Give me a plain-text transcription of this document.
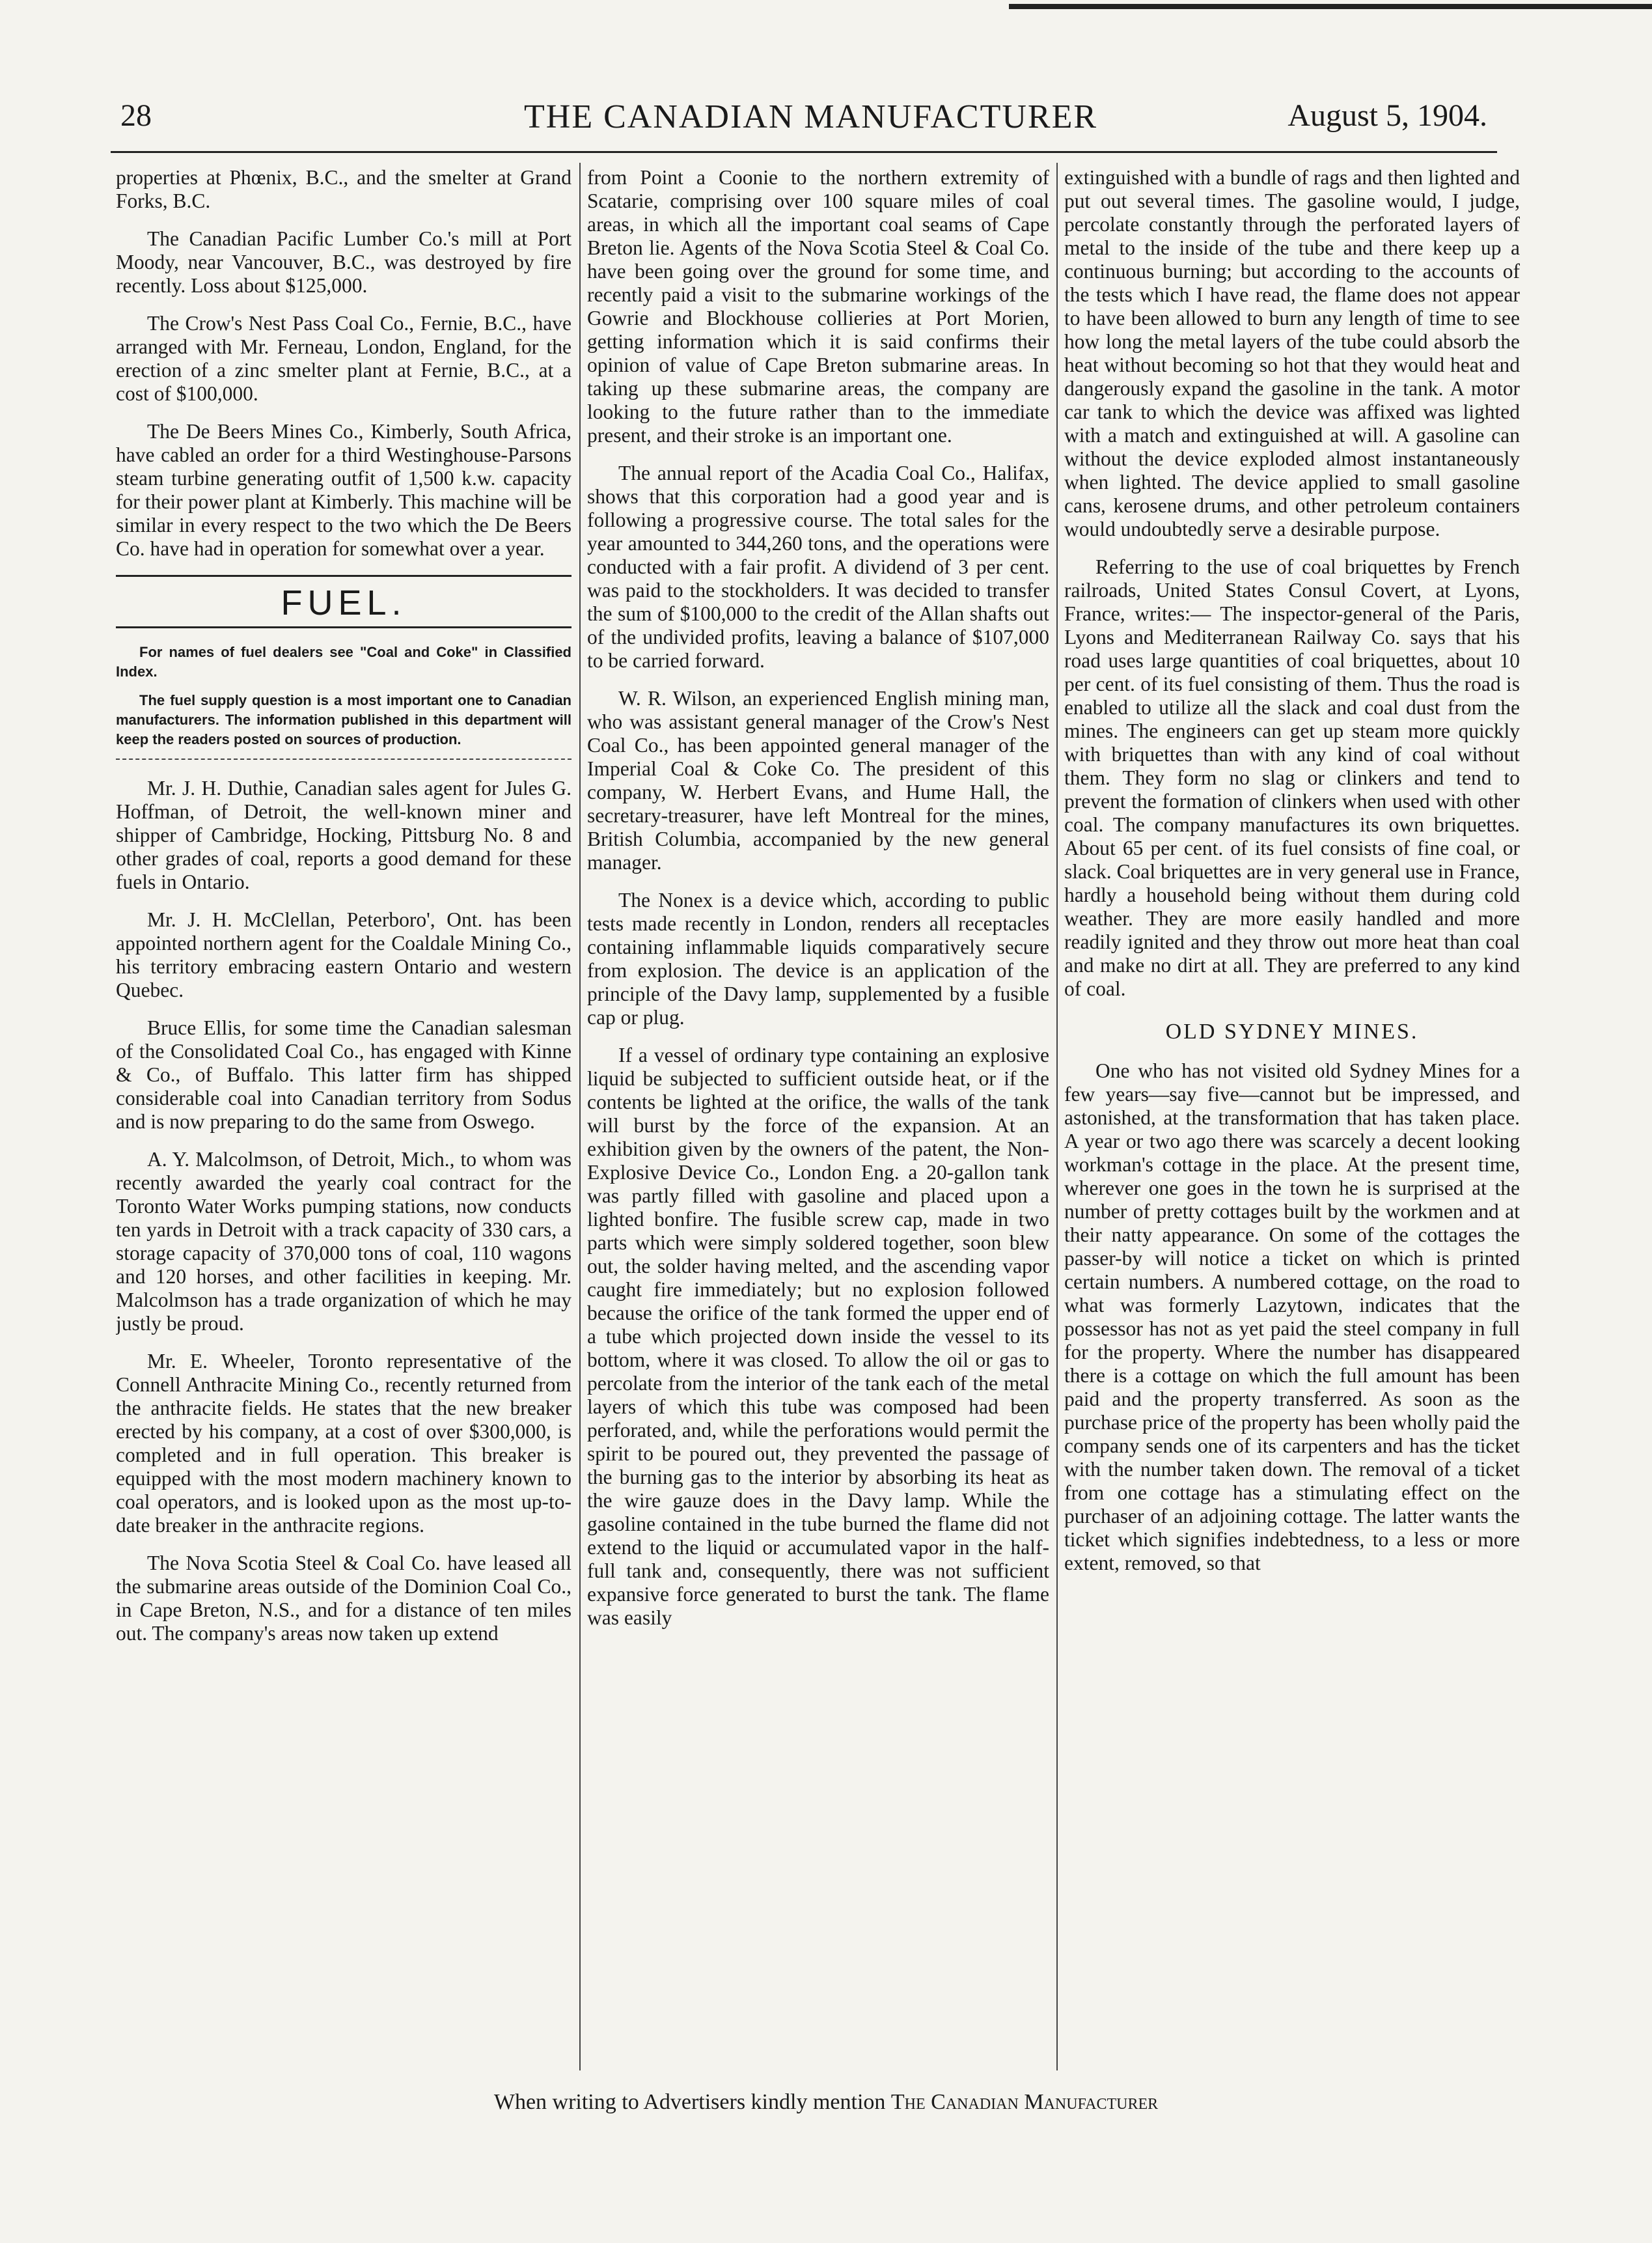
28	THE CANADIAN MANUFACTURER	August 5, 1904.

properties at Phœnix, B.C., and the smelter at Grand Forks, B.C.

The Canadian Pacific Lumber Co.'s mill at Port Moody, near Vancouver, B.C., was destroyed by fire recently. Loss about $125,000.

The Crow's Nest Pass Coal Co., Fernie, B.C., have arranged with Mr. Ferneau, London, England, for the erection of a zinc smelter plant at Fernie, B.C., at a cost of $100,000.

The De Beers Mines Co., Kimberly, South Africa, have cabled an order for a third Westinghouse-Parsons steam turbine generating outfit of 1,500 k.w. capacity for their power plant at Kimberly. This machine will be similar in every respect to the two which the De Beers Co. have had in operation for somewhat over a year.

FUEL.

For names of fuel dealers see "Coal and Coke" in Classified Index.

The fuel supply question is a most important one to Canadian manufacturers. The information published in this department will keep the readers posted on sources of production.

Mr. J. H. Duthie, Canadian sales agent for Jules G. Hoffman, of Detroit, the well-known miner and shipper of Cambridge, Hocking, Pittsburg No. 8 and other grades of coal, reports a good demand for these fuels in Ontario.

Mr. J. H. McClellan, Peterboro', Ont. has been appointed northern agent for the Coaldale Mining Co., his territory embracing eastern Ontario and western Quebec.

Bruce Ellis, for some time the Canadian salesman of the Consolidated Coal Co., has engaged with Kinne & Co., of Buffalo. This latter firm has shipped considerable coal into Canadian territory from Sodus and is now preparing to do the same from Oswego.

A. Y. Malcolmson, of Detroit, Mich., to whom was recently awarded the yearly coal contract for the Toronto Water Works pumping stations, now conducts ten yards in Detroit with a track capacity of 330 cars, a storage capacity of 370,000 tons of coal, 110 wagons and 120 horses, and other facilities in keeping. Mr. Malcolmson has a trade organization of which he may justly be proud.

Mr. E. Wheeler, Toronto representative of the Connell Anthracite Mining Co., recently returned from the anthracite fields. He states that the new breaker erected by his company, at a cost of over $300,000, is completed and in full operation. This breaker is equipped with the most modern machinery known to coal operators, and is looked upon as the most up-to-date breaker in the anthracite regions.

The Nova Scotia Steel & Coal Co. have leased all the submarine areas outside of the Dominion Coal Co., in Cape Breton, N.S., and for a distance of ten miles out. The company's areas now taken up extend

from Point a Coonie to the northern extremity of Scatarie, comprising over 100 square miles of coal areas, in which all the important coal seams of Cape Breton lie. Agents of the Nova Scotia Steel & Coal Co. have been going over the ground for some time, and recently paid a visit to the submarine workings of the Gowrie and Blockhouse collieries at Port Morien, getting information which it is said confirms their opinion of value of Cape Breton submarine areas. In taking up these submarine areas, the company are looking to the future rather than to the immediate present, and their stroke is an important one.

The annual report of the Acadia Coal Co., Halifax, shows that this corporation had a good year and is following a progressive course. The total sales for the year amounted to 344,260 tons, and the operations were conducted with a fair profit. A dividend of 3 per cent. was paid to the stockholders. It was decided to transfer the sum of $100,000 to the credit of the Allan shafts out of the undivided profits, leaving a balance of $107,000 to be carried forward.

W. R. Wilson, an experienced English mining man, who was assistant general manager of the Crow's Nest Coal Co., has been appointed general manager of the Imperial Coal & Coke Co. The president of this company, W. Herbert Evans, and Hume Hall, the secretary-treasurer, have left Montreal for the mines, British Columbia, accompanied by the new general manager.

The Nonex is a device which, according to public tests made recently in London, renders all receptacles containing inflammable liquids comparatively secure from explosion. The device is an application of the principle of the Davy lamp, supplemented by a fusible cap or plug.

If a vessel of ordinary type containing an explosive liquid be subjected to sufficient outside heat, or if the contents be lighted at the orifice, the walls of the tank will burst by the force of the expansion. At an exhibition given by the owners of the patent, the Non-Explosive Device Co., London Eng. a 20-gallon tank was partly filled with gasoline and placed upon a lighted bonfire. The fusible screw cap, made in two parts which were simply soldered together, soon blew out, the solder having melted, and the ascending vapor caught fire immediately; but no explosion followed because the orifice of the tank formed the upper end of a tube which projected down inside the vessel to its bottom, where it was closed. To allow the oil or gas to percolate from the interior of the tank each of the metal layers of which this tube was composed had been perforated, and, while the perforations would permit the spirit to be poured out, they prevented the passage of the burning gas to the interior by absorbing its heat as the wire gauze does in the Davy lamp. While the gasoline contained in the tube burned the flame did not extend to the liquid or accumulated vapor in the half-full tank and, consequently, there was not sufficient expansive force generated to burst the tank. The flame was easily

extinguished with a bundle of rags and then lighted and put out several times. The gasoline would, I judge, percolate constantly through the perforated layers of metal to the inside of the tube and there keep up a continuous burning; but according to the accounts of the tests which I have read, the flame does not appear to have been allowed to burn any length of time to see how long the metal layers of the tube could absorb the heat without becoming so hot that they would heat and dangerously expand the gasoline in the tank. A motor car tank to which the device was affixed was lighted with a match and extinguished at will. A gasoline can without the device exploded almost instantaneously when lighted. The device applied to small gasoline cans, kerosene drums, and other petroleum containers would undoubtedly serve a desirable purpose.

Referring to the use of coal briquettes by French railroads, United States Consul Covert, at Lyons, France, writes:— The inspector-general of the Paris, Lyons and Mediterranean Railway Co. says that his road uses large quantities of coal briquettes, about 10 per cent. of its fuel consisting of them. Thus the road is enabled to utilize all the slack and coal dust from the mines. The engineers can get up steam more quickly with briquettes than with any kind of coal without them. They form no slag or clinkers and tend to prevent the formation of clinkers when used with other coal. The company manufactures its own briquettes. About 65 per cent. of its fuel consists of fine coal, or slack. Coal briquettes are in very general use in France, hardly a household being without them during cold weather. They are more easily handled and more readily ignited and they throw out more heat than coal and make no dirt at all. They are preferred to any kind of coal.

OLD SYDNEY MINES.

One who has not visited old Sydney Mines for a few years—say five—cannot but be impressed, and astonished, at the transformation that has taken place. A year or two ago there was scarcely a decent looking workman's cottage in the place. At the present time, wherever one goes in the town he is surprised at the number of pretty cottages built by the workmen and at their natty appearance. On some of the cottages the passer-by will notice a ticket on which is printed certain numbers. A numbered cottage, on the road to what was formerly Lazytown, indicates that the possessor has not as yet paid the steel company in full for the property. Where the number has disappeared there is a cottage on which the full amount has been paid and the property transferred. As soon as the purchase price of the property has been wholly paid the company sends one of its carpenters and has the ticket with the number taken down. The removal of a ticket from one cottage has a stimulating effect on the purchaser of an adjoining cottage. The latter wants the ticket which signifies indebtedness, to a less or more extent, removed, so that

When writing to Advertisers kindly mention The Canadian Manufacturer
